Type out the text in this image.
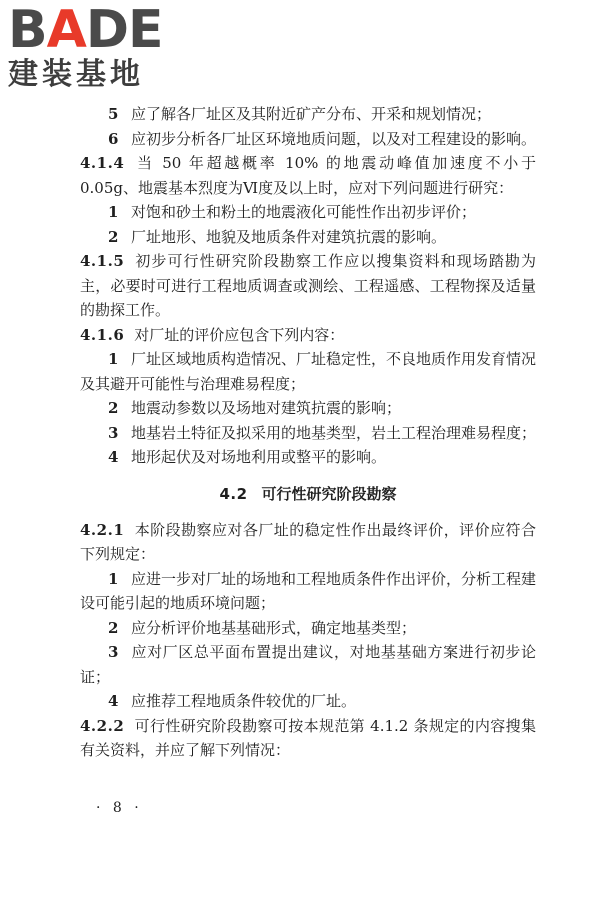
B A DE
建装基地

5 应了解各厂址区及其附近矿产分布、开采和规划情况；

6 应初步分析各厂址区环境地质问题，以及对工程建设的影响。

4.1.4 当 50 年超越概率 10% 的地震动峰值加速度不小于 0.05g、地震基本烈度为Ⅵ度及以上时，应对下列问题进行研究：

1 对饱和砂土和粉土的地震液化可能性作出初步评价；

2 厂址地形、地貌及地质条件对建筑抗震的影响。

4.1.5 初步可行性研究阶段勘察工作应以搜集资料和现场踏勘为主，必要时可进行工程地质调查或测绘、工程遥感、工程物探及适量的勘探工作。

4.1.6 对厂址的评价应包含下列内容：

1 厂址区域地质构造情况、厂址稳定性，不良地质作用发育情况及其避开可能性与治理难易程度；

2 地震动参数以及场地对建筑抗震的影响；

3 地基岩土特征及拟采用的地基类型，岩土工程治理难易程度；

4 地形起伏及对场地利用或整平的影响。

4.2 可行性研究阶段勘察

4.2.1 本阶段勘察应对各厂址的稳定性作出最终评价，评价应符合下列规定：

1 应进一步对厂址的场地和工程地质条件作出评价，分析工程建设可能引起的地质环境问题；

2 应分析评价地基基础形式，确定地基类型；

3 应对厂区总平面布置提出建议，对地基基础方案进行初步论证；

4 应推荐工程地质条件较优的厂址。

4.2.2 可行性研究阶段勘察可按本规范第 4.1.2 条规定的内容搜集有关资料，并应了解下列情况：

· 8 ·
